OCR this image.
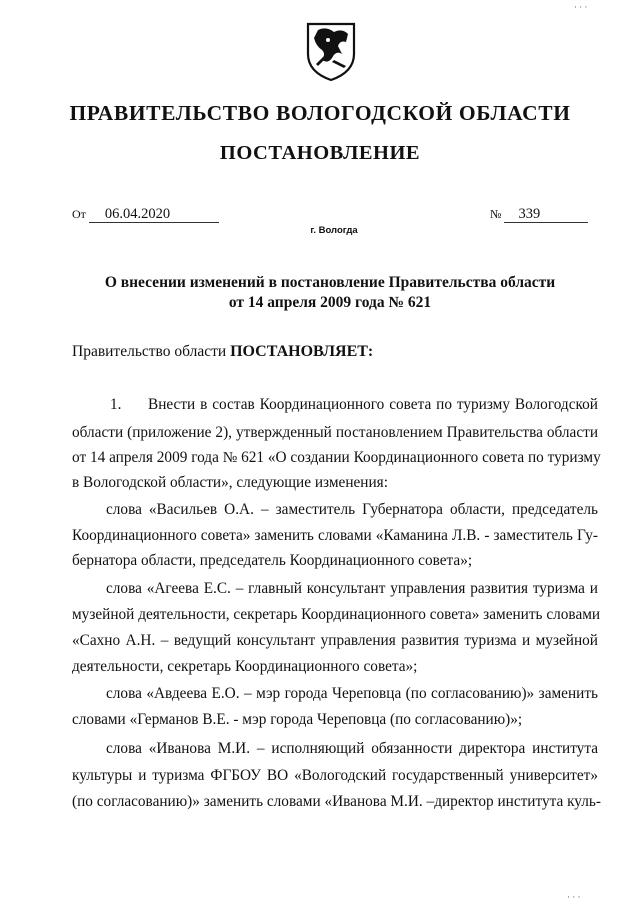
· · ·
ПРАВИТЕЛЬСТВО ВОЛОГОДСКОЙ ОБЛАСТИ
ПОСТАНОВЛЕНИЕ
От 06.04.2020	№ 339
г. Вологда
О внесении изменений в постановление Правительства области
от 14 апреля 2009 года № 621
Правительство области ПОСТАНОВЛЯЕТ:
1. Внести в состав Координационного совета по туризму Вологодской
области (приложение 2), утвержденный постановлением Правительства области
от 14 апреля 2009 года № 621 «О создании Координационного совета по туризму
в Вологодской области», следующие изменения:
слова «Васильев О.А. – заместитель Губернатора области, председатель
Координационного совета» заменить словами «Каманина Л.В. - заместитель Гу-
бернатора области, председатель Координационного совета»;
слова «Агеева Е.С. – главный консультант управления развития туризма и
музейной деятельности, секретарь Координационного совета» заменить словами
«Сахно А.Н. – ведущий консультант управления развития туризма и музейной
деятельности, секретарь Координационного совета»;
слова «Авдеева Е.О. – мэр города Череповца (по согласованию)» заменить
словами «Германов В.Е. - мэр города Череповца (по согласованию)»;
слова «Иванова М.И. – исполняющий обязанности директора института
культуры и туризма ФГБОУ ВО «Вологодский государственный университет»
(по согласованию)» заменить словами «Иванова М.И. –директор института куль-
· · ·
